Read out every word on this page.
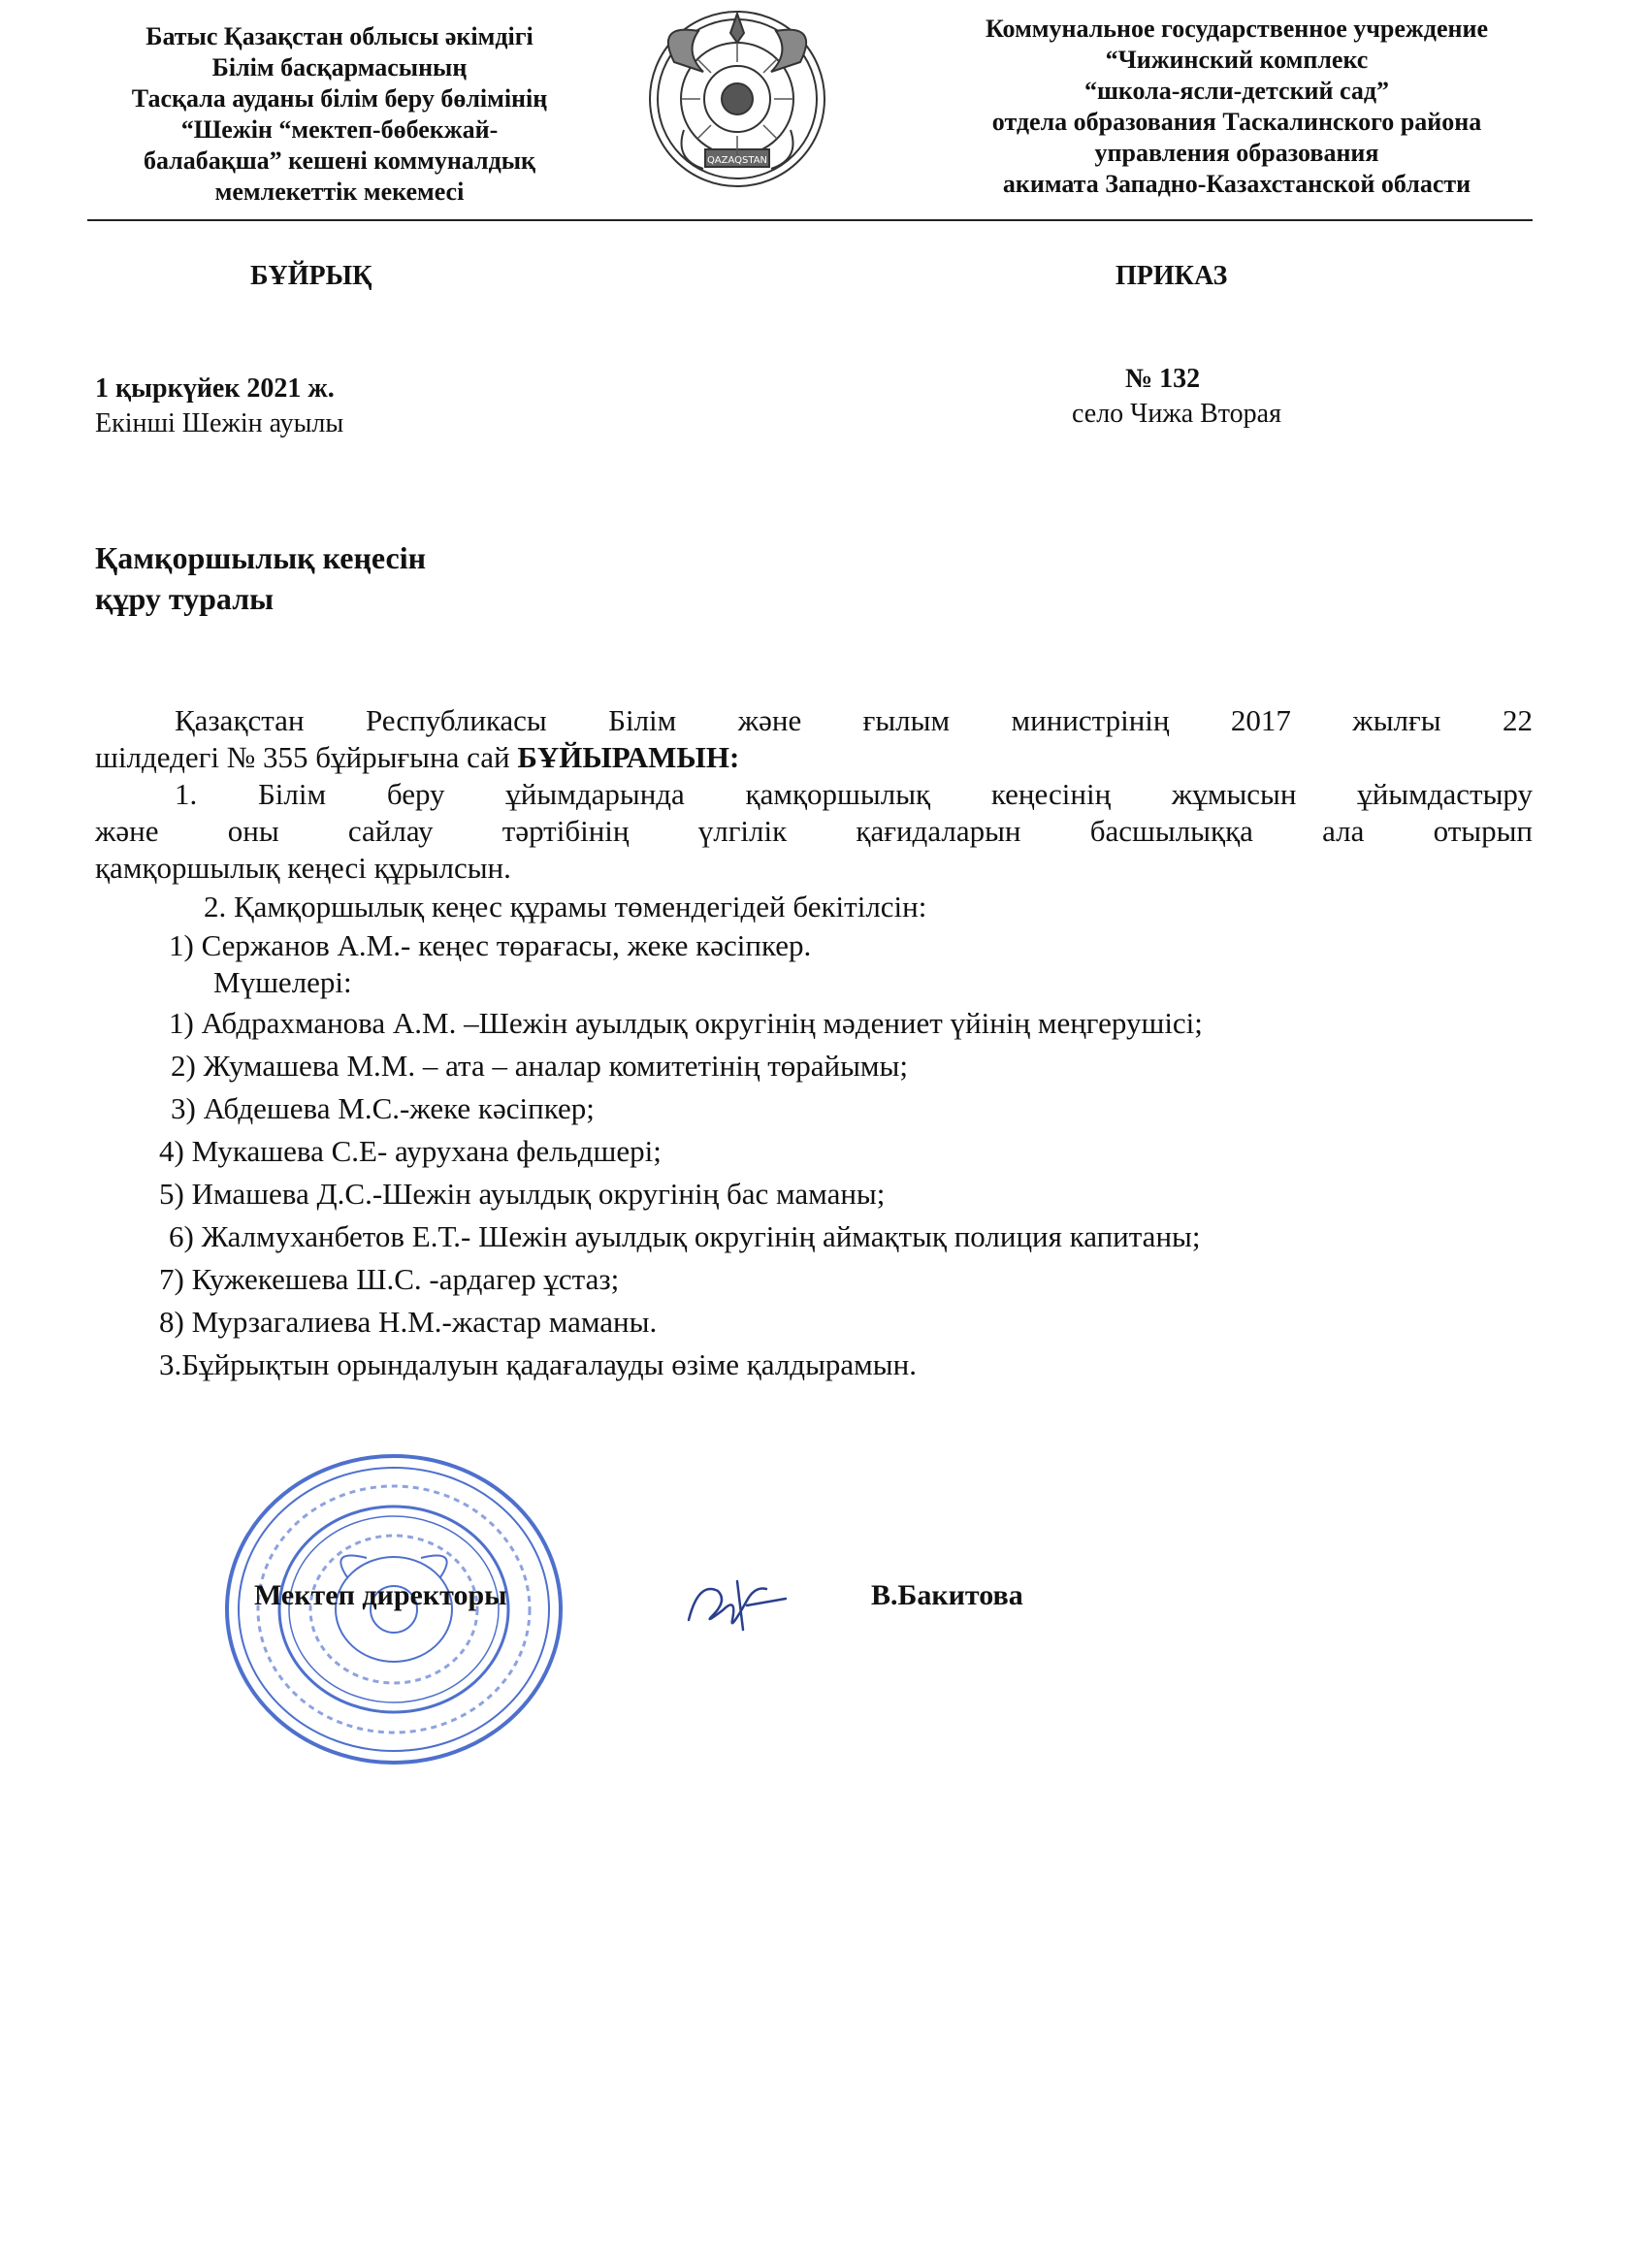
Батыс Қазақстан облысы әкімдігі
Білім басқармасының
Тасқала ауданы білім беру бөлімінің
“Шежін “мектеп-бөбекжай-
балабақша” кешені коммуналдық
мемлекеттік мекемесі
QAZAQSTAN
Коммунальное государственное учреждение
“Чижинский комплекс
“школа-ясли-детский сад”
отдела образования Таскалинского района
управления образования
акимата Западно-Казахстанской области
БҰЙРЫҚ	ПРИКАЗ
1 қыркүйек 2021 ж.
Екінші Шежін ауылы
№ 132
село Чижа Вторая
Қамқоршылық кеңесін
құру туралы
Қазақстан Республикасы Білім және ғылым министрінің 2017 жылғы 22
шілдедегі № 355 бұйрығына сай БҰЙЫРАМЫН:
1. Білім беру ұйымдарында қамқоршылық кеңесінің жұмысын ұйымдастыру
және оны сайлау тәртібінің үлгілік қағидаларын басшылыққа ала отырып
қамқоршылық кеңесі құрылсын.
2. Қамқоршылық кеңес құрамы төмендегідей бекітілсін:
1) Сержанов А.М.- кеңес төрағасы, жеке кәсіпкер.
Мүшелері:
1) Абдрахманова А.М. –Шежін ауылдық округінің мәдениет үйінің меңгерушісі;
2) Жумашева М.М. – ата – аналар комитетінің төрайымы;
3) Абдешева М.С.-жеке кәсіпкер;
4) Мукашева С.Е- аурухана фельдшері;
5) Имашева Д.С.-Шежін ауылдық округінің бас маманы;
6) Жалмуханбетов Е.Т.- Шежін ауылдық округінің аймақтық полиция капитаны;
7) Кужекешева Ш.С. -ардагер ұстаз;
8) Мурзагалиева Н.М.-жастар маманы.
3.Бұйрықтын орындалуын қадағалауды өзіме қалдырамын.
Мектеп директоры	В.Бакитова
